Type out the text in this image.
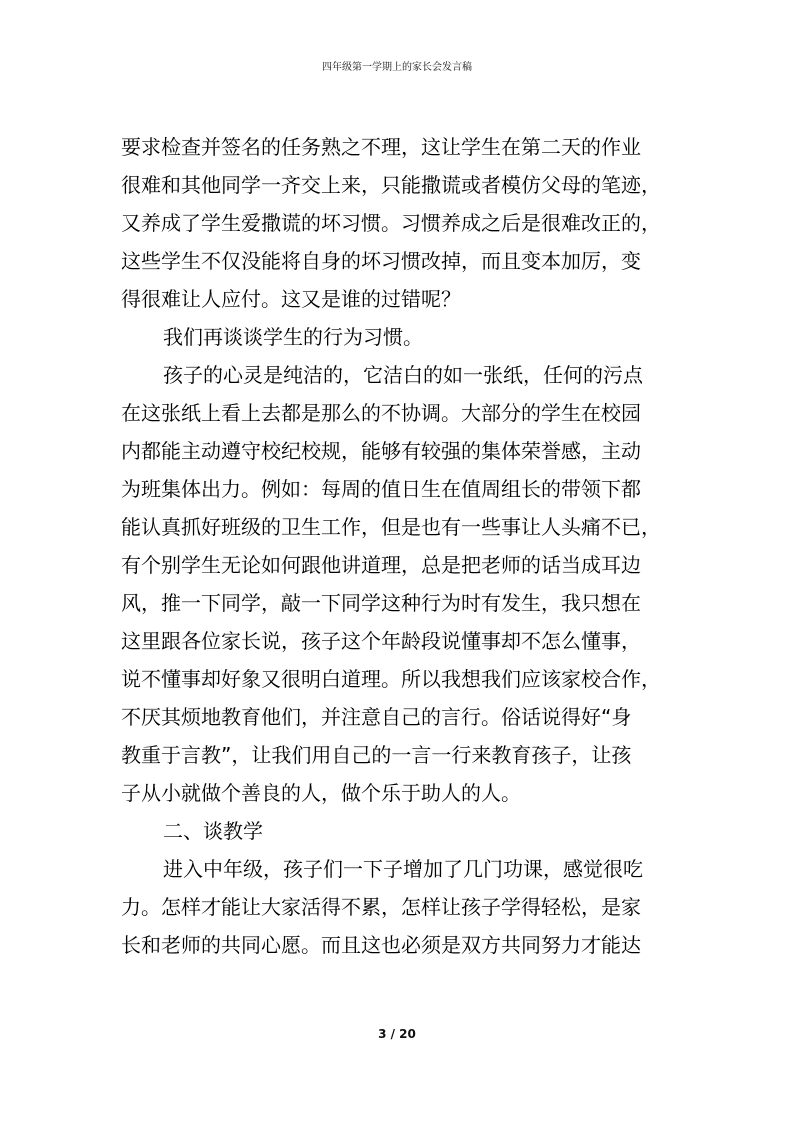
四年级第一学期上的家长会发言稿
要求检查并签名的任务熟之不理，这让学生在第二天的作业
很难和其他同学一齐交上来，只能撒谎或者模仿父母的笔迹，
又养成了学生爱撒谎的坏习惯。习惯养成之后是很难改正的，
这些学生不仅没能将自身的坏习惯改掉，而且变本加厉，变
得很难让人应付。这又是谁的过错呢？
我们再谈谈学生的行为习惯。
孩子的心灵是纯洁的，它洁白的如一张纸，任何的污点
在这张纸上看上去都是那么的不协调。大部分的学生在校园
内都能主动遵守校纪校规，能够有较强的集体荣誉感，主动
为班集体出力。例如：每周的值日生在值周组长的带领下都
能认真抓好班级的卫生工作，但是也有一些事让人头痛不已，
有个别学生无论如何跟他讲道理，总是把老师的话当成耳边
风，推一下同学，敲一下同学这种行为时有发生，我只想在
这里跟各位家长说，孩子这个年龄段说懂事却不怎么懂事，
说不懂事却好象又很明白道理。所以我想我们应该家校合作，
不厌其烦地教育他们，并注意自己的言行。俗话说得好“身
教重于言教”，让我们用自己的一言一行来教育孩子，让孩
子从小就做个善良的人，做个乐于助人的人。
二、谈教学
进入中年级，孩子们一下子增加了几门功课，感觉很吃
力。怎样才能让大家活得不累，怎样让孩子学得轻松，是家
长和老师的共同心愿。而且这也必须是双方共同努力才能达
3 / 20
